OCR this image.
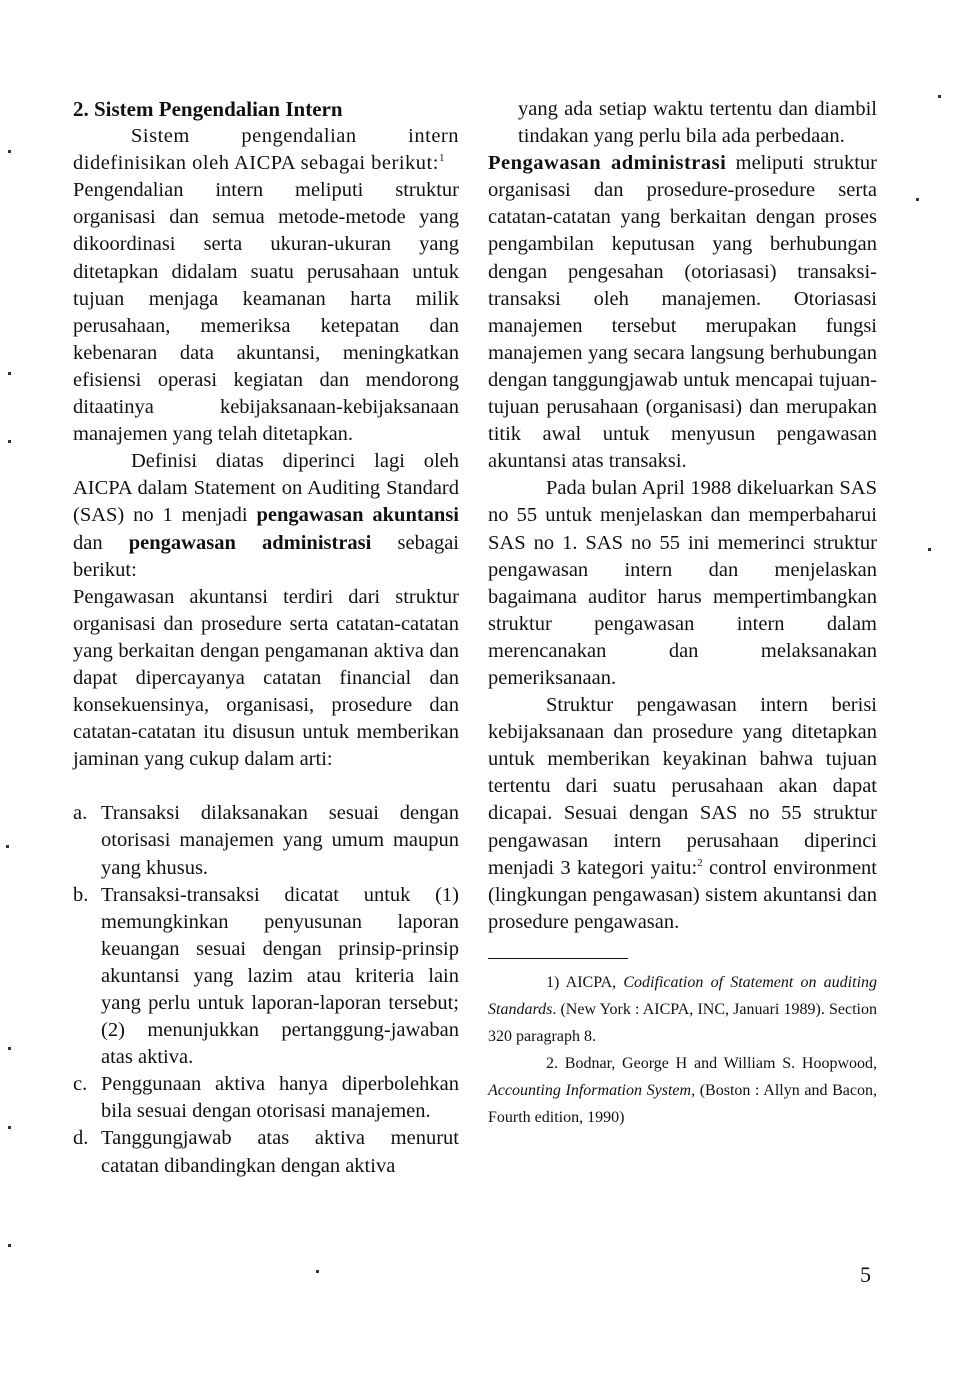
2. Sistem Pengendalian Intern

Sistem pengendalian intern didefinisikan oleh AICPA sebagai berikut:$^1$

Pengendalian intern meliputi struktur organisasi dan semua metode-metode yang dikoordinasi serta ukuran-ukuran yang ditetapkan didalam suatu perusahaan untuk tujuan menjaga keamanan harta milik perusahaan, memeriksa ketepatan dan kebenaran data akuntansi, meningkatkan efisiensi operasi kegiatan dan mendorong ditaatinya kebijaksanaan-kebijaksanaan manajemen yang telah ditetapkan.

Definisi diatas diperinci lagi oleh AICPA dalam Statement on Auditing Standard (SAS) no 1 menjadi pengawasan akuntansi dan pengawasan administrasi sebagai berikut:

Pengawasan akuntansi terdiri dari struktur organisasi dan prosedure serta catatan-catatan yang berkaitan dengan pengamanan aktiva dan dapat dipercayanya catatan financial dan konsekuensinya, organisasi, prosedure dan catatan-catatan itu disusun untuk memberikan jaminan yang cukup dalam arti:

a. Transaksi dilaksanakan sesuai dengan otorisasi manajemen yang umum maupun yang khusus.
b. Transaksi-transaksi dicatat untuk (1) memungkinkan penyusunan laporan keuangan sesuai dengan prinsip-prinsip akuntansi yang lazim atau kriteria lain yang perlu untuk laporan-laporan tersebut; (2) menunjukkan pertanggung-jawaban atas aktiva.
c. Penggunaan aktiva hanya diperbolehkan bila sesuai dengan otorisasi manajemen.
d. Tanggungjawab atas aktiva menurut catatan dibandingkan dengan aktiva

yang ada setiap waktu tertentu dan diambil tindakan yang perlu bila ada perbedaan.

Pengawasan administrasi meliputi struktur organisasi dan prosedure-prosedure serta catatan-catatan yang berkaitan dengan proses pengambilan keputusan yang berhubungan dengan pengesahan (otoriasasi) transaksi-transaksi oleh manajemen. Otoriasasi manajemen tersebut merupakan fungsi manajemen yang secara langsung berhubungan dengan tanggungjawab untuk mencapai tujuan-tujuan perusahaan (organisasi) dan merupakan titik awal untuk menyusun pengawasan akuntansi atas transaksi.

Pada bulan April 1988 dikeluarkan SAS no 55 untuk menjelaskan dan memperbaharui SAS no 1. SAS no 55 ini memerinci struktur pengawasan intern dan menjelaskan bagaimana auditor harus mempertimbangkan struktur pengawasan intern dalam merencanakan dan melaksanakan pemeriksanaan.

Struktur pengawasan intern berisi kebijaksanaan dan prosedure yang ditetapkan untuk memberikan keyakinan bahwa tujuan tertentu dari suatu perusahaan akan dapat dicapai. Sesuai dengan SAS no 55 struktur pengawasan intern perusahaan diperinci menjadi 3 kategori yaitu:$^2$ control environment (lingkungan pengawasan) sistem akuntansi dan prosedure pengawasan.

1) AICPA, Codification of Statement on auditing Standards. (New York : AICPA, INC, Januari 1989). Section 320 paragraph 8.

2. Bodnar, George H and William S. Hoopwood, Accounting Information System, (Boston : Allyn and Bacon, Fourth edition, 1990)

5
